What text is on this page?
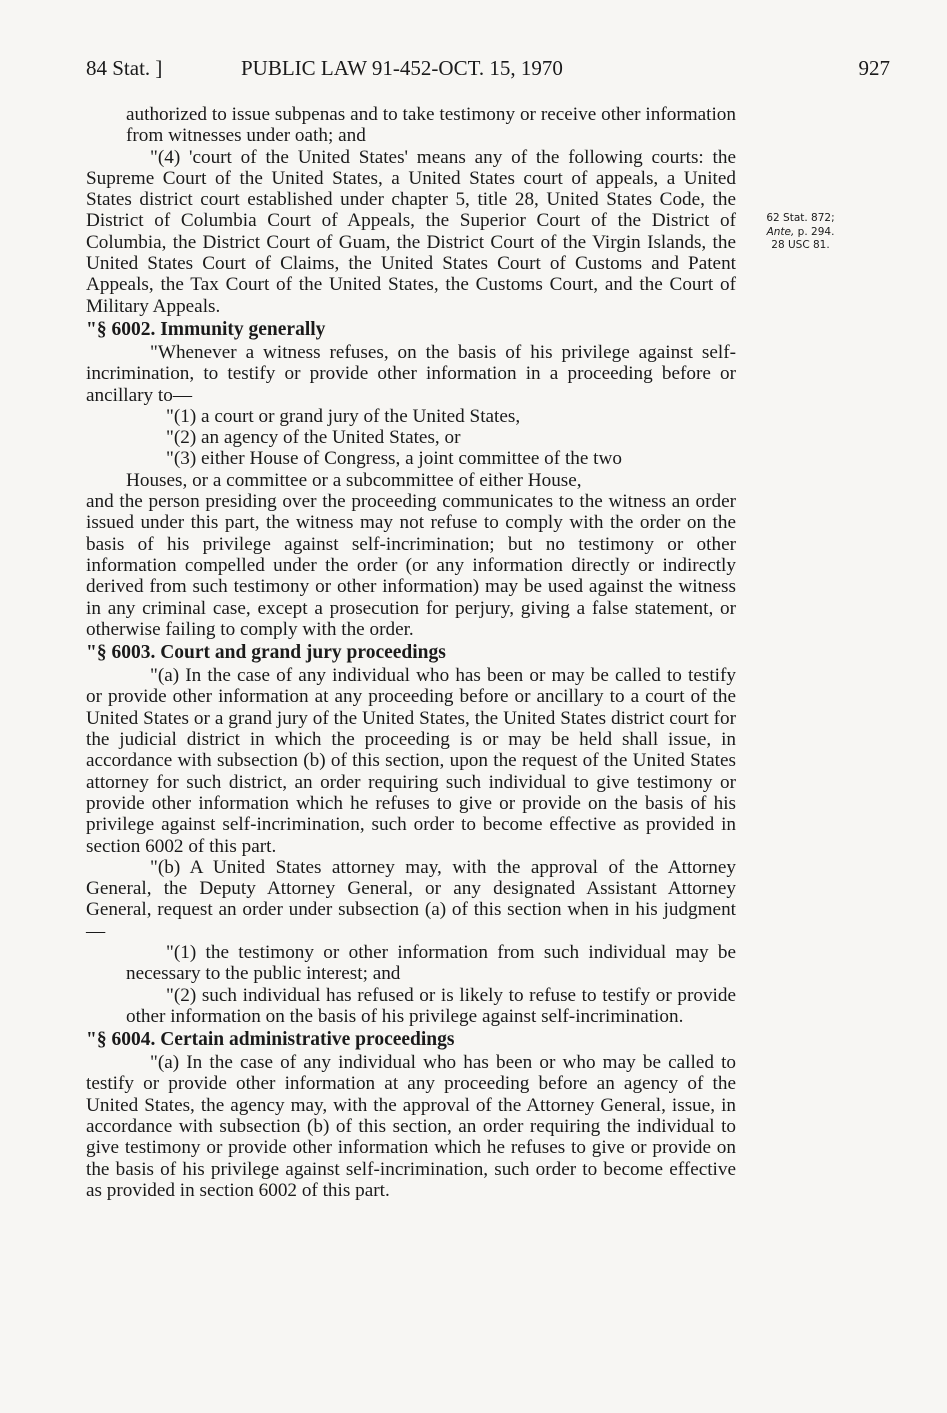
84 Stat. ]	PUBLIC LAW 91-452-OCT. 15, 1970	927
62 Stat. 872;
Ante, p. 294.
28 USC 81.

authorized to issue subpenas and to take testimony or receive other information from witnesses under oath; and

"(4) 'court of the United States' means any of the following courts: the Supreme Court of the United States, a United States court of appeals, a United States district court established under chapter 5, title 28, United States Code, the District of Columbia Court of Appeals, the Superior Court of the District of Columbia, the District Court of Guam, the District Court of the Virgin Islands, the United States Court of Claims, the United States Court of Customs and Patent Appeals, the Tax Court of the United States, the Customs Court, and the Court of Military Appeals.

"§ 6002. Immunity generally

"Whenever a witness refuses, on the basis of his privilege against self-incrimination, to testify or provide other information in a proceeding before or ancillary to—

"(1) a court or grand jury of the United States,

"(2) an agency of the United States, or

"(3) either House of Congress, a joint committee of the two

Houses, or a committee or a subcommittee of either House,

and the person presiding over the proceeding communicates to the witness an order issued under this part, the witness may not refuse to comply with the order on the basis of his privilege against self-incrimination; but no testimony or other information compelled under the order (or any information directly or indirectly derived from such testimony or other information) may be used against the witness in any criminal case, except a prosecution for perjury, giving a false statement, or otherwise failing to comply with the order.

"§ 6003. Court and grand jury proceedings

"(a) In the case of any individual who has been or may be called to testify or provide other information at any proceeding before or ancillary to a court of the United States or a grand jury of the United States, the United States district court for the judicial district in which the proceeding is or may be held shall issue, in accordance with subsection (b) of this section, upon the request of the United States attorney for such district, an order requiring such individual to give testimony or provide other information which he refuses to give or provide on the basis of his privilege against self-incrimination, such order to become effective as provided in section 6002 of this part.

"(b) A United States attorney may, with the approval of the Attorney General, the Deputy Attorney General, or any designated Assistant Attorney General, request an order under subsection (a) of this section when in his judgment—

"(1) the testimony or other information from such individual may be necessary to the public interest; and

"(2) such individual has refused or is likely to refuse to testify or provide other information on the basis of his privilege against self-incrimination.

"§ 6004. Certain administrative proceedings

"(a) In the case of any individual who has been or who may be called to testify or provide other information at any proceeding before an agency of the United States, the agency may, with the approval of the Attorney General, issue, in accordance with subsection (b) of this section, an order requiring the individual to give testimony or provide other information which he refuses to give or provide on the basis of his privilege against self-incrimination, such order to become effective as provided in section 6002 of this part.
